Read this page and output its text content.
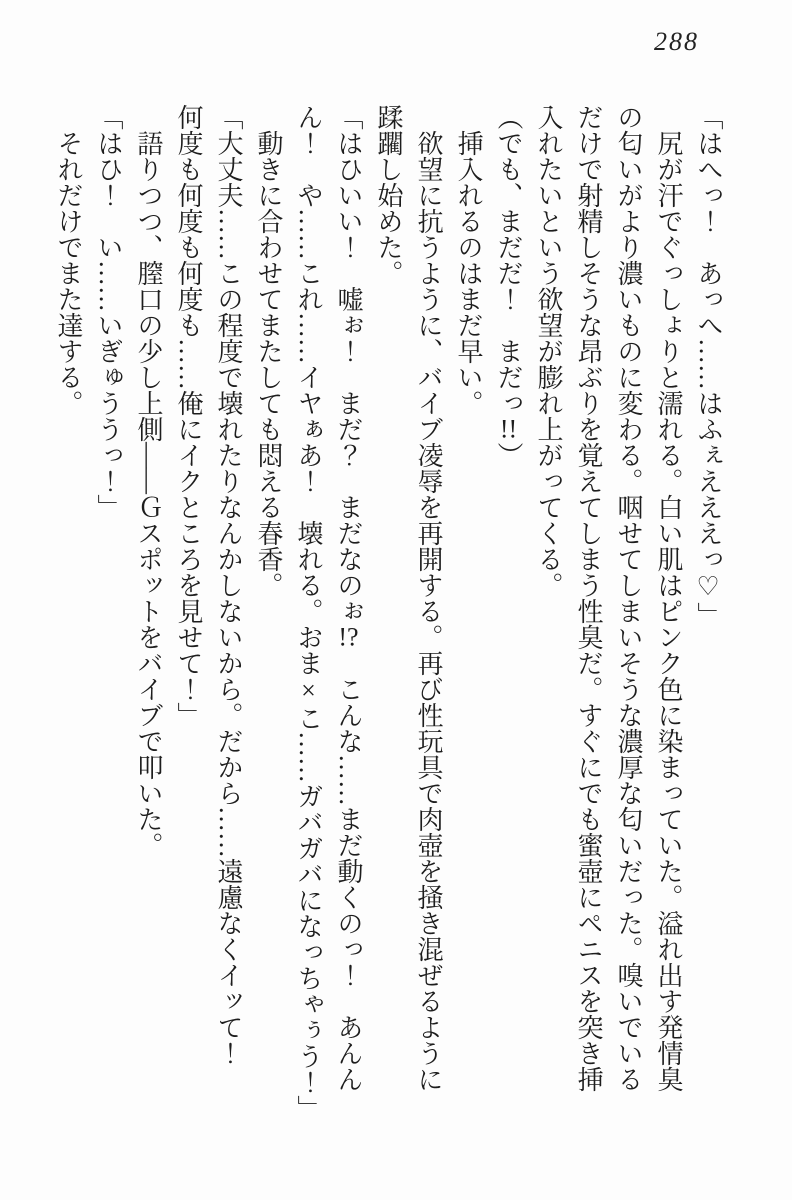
288

「はへっ！　あっへ……はふぇえええっ♡」

　尻が汗でぐっしょりと濡れる。白い肌はピンク色に染まっていた。溢れ出す発情臭
の匂いがより濃いものに変わる。咽せてしまいそうな濃厚な匂いだった。嗅いでいる
だけで射精しそうな昂ぶりを覚えてしまう性臭だ。すぐにでも蜜壺にペニスを突き挿
入れたいという欲望が膨れ上がってくる。

（でも、まだだ！　まだっ!!）

　挿入れるのはまだ早い。

　欲望に抗うように、バイブ凌辱を再開する。再び性玩具で肉壺を掻き混ぜるように
蹂躙し始めた。

「はひいい！　嘘ぉ！　まだ？　まだなのぉ!?　こんな……まだ動くのっ！　あんん
ん！　や……これ……イヤぁあ！　壊れる。おま×こ……ガバガバになっちゃぅう！」

　動きに合わせてまたしても悶える春香。

「大丈夫……この程度で壊れたりなんかしないから。だから……遠慮なくイッて！
何度も何度も何度も……俺にイクところを見せて！」

　語りつつ、膣口の少し上側――Ｇスポットをバイブで叩いた。

「はひ！　い……いぎゅううっ！」

　それだけでまた達する。
